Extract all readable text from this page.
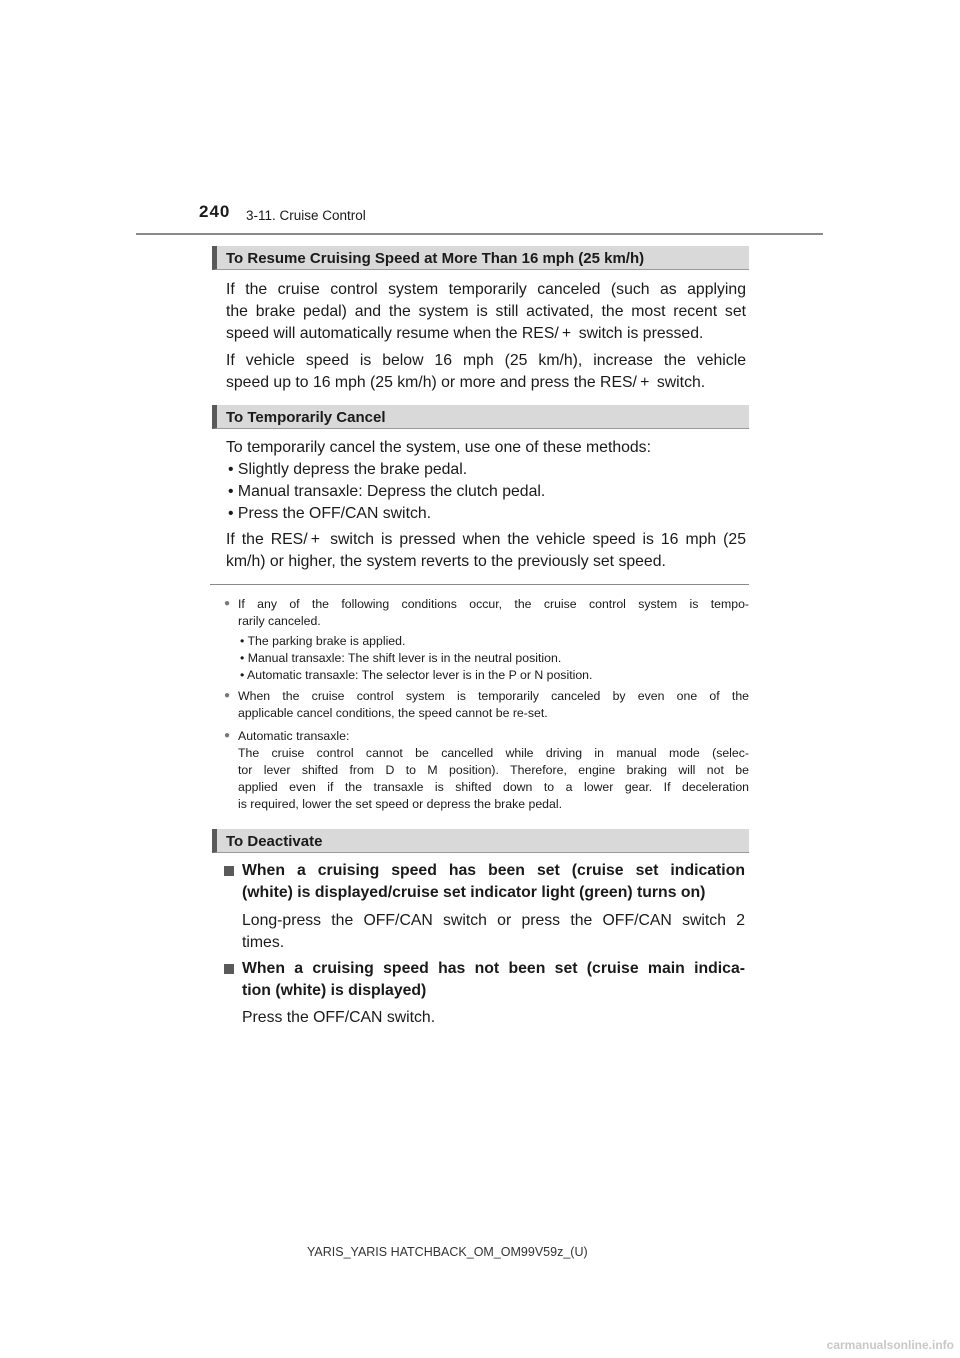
240 3-11. Cruise Control
To Resume Cruising Speed at More Than 16 mph (25 km/h)

If the cruise control system temporarily canceled (such as applying

the brake pedal) and the system is still activated, the most recent set

speed will automatically resume when the RES/ +  switch is pressed.

If vehicle speed is below 16 mph (25 km/h), increase the vehicle

speed up to 16 mph (25 km/h) or more and press the RES/ +  switch.

To Temporarily Cancel

To temporarily cancel the system, use one of these methods:

• Slightly depress the brake pedal.
• Manual transaxle: Depress the clutch pedal.
• Press the OFF/CAN switch.

If the RES/ +  switch is pressed when the vehicle speed is 16 mph (25

km/h) or higher, the system reverts to the previously set speed.

● If any of the following conditions occur, the cruise control system is tempo-

rarily canceled.

• The parking brake is applied.
• Manual transaxle: The shift lever is in the neutral position.
• Automatic transaxle: The selector lever is in the P or N position.
● When the cruise control system is temporarily canceled by even one of the

applicable cancel conditions, the speed cannot be re-set.

● Automatic transaxle:

The cruise control cannot be cancelled while driving in manual mode (selec-

tor lever shifted from D to M position). Therefore, engine braking will not be

applied even if the transaxle is shifted down to a lower gear. If deceleration

is required, lower the set speed or depress the brake pedal.

To Deactivate

When a cruising speed has been set (cruise set indication

(white) is displayed/cruise set indicator light (green) turns on)

Long-press the OFF/CAN switch or press the OFF/CAN switch 2

times.

When a cruising speed has not been set (cruise main indica-

tion (white) is displayed)

Press the OFF/CAN switch.

YARIS_YARIS HATCHBACK_OM_OM99V59z_(U)
carmanualsonline.info
